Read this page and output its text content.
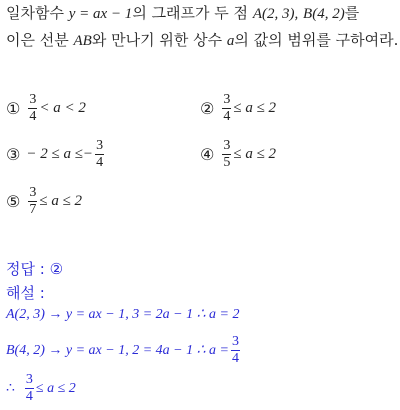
일차함수 y = ax − 1의 그래프가 두 점 A(2, 3), B(4, 2)를
이은 선분 AB와 만나기 위한 상수 a의 값의 범위를 구하여라.
① $\frac{3}{4} < a < 2$	② $\frac{3}{4} \le a \le 2$
③ − $2 \le a \le- \frac{3}{4}$	④ $\frac{3}{5} \le a \le 2$
⑤ $\frac{3}{7} \le a \le 2$
정답 : ②
해설 :
A(2, 3) → y = ax − 1, 3 = 2a − 1 ∴ a = 2
B(4, 2) → y = ax − 1, 2 = 4a − 1 ∴ $a = \frac{3}{4}$
∴ $\frac{3}{4} \le a \le 2$
